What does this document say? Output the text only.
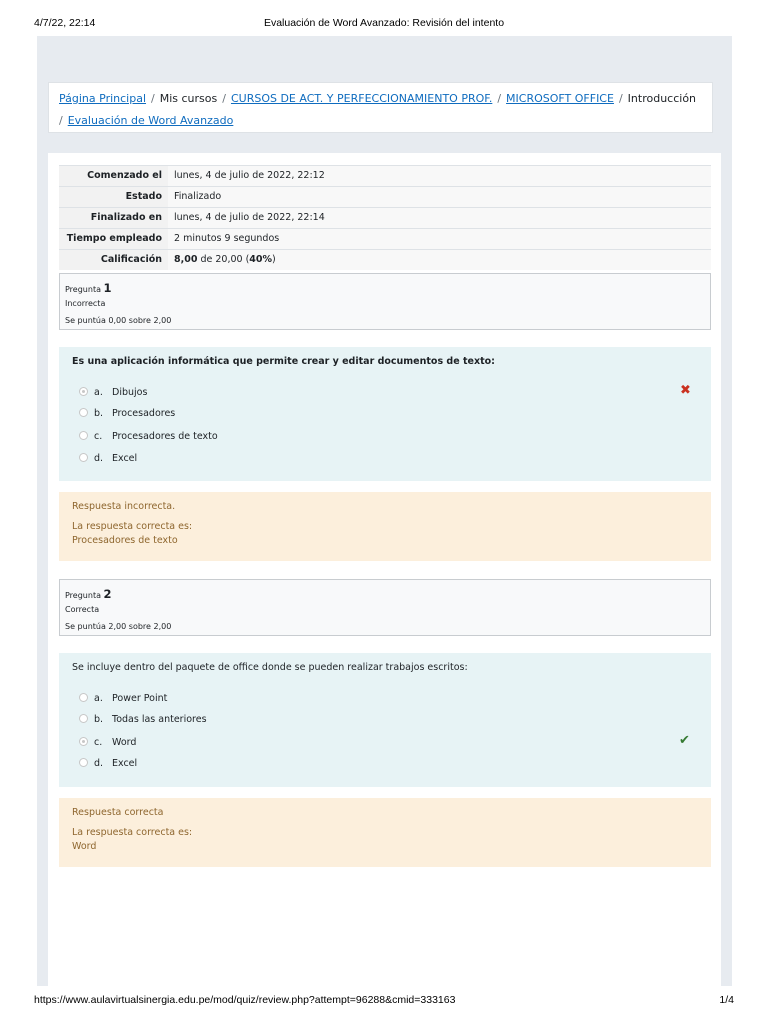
4/7/22, 22:14	Evaluación de Word Avanzado: Revisión del intento
Página Principal / Mis cursos / CURSOS DE ACT. Y PERFECCIONAMIENTO PROF. / MICROSOFT OFFICE / Introducción
/ Evaluación de Word Avanzado
Comenzado el	lunes, 4 de julio de 2022, 22:12
Estado	Finalizado
Finalizado en	lunes, 4 de julio de 2022, 22:14
Tiempo empleado	2 minutos 9 segundos
Calificación	8,00 de 20,00 (40%)
Pregunta 1
Incorrecta
Se puntúa 0,00 sobre 2,00
Es una aplicación informática que permite crear y editar documentos de texto:
a. Dibujos
b. Procesadores
c. Procesadores de texto
d. Excel
✖
Respuesta incorrecta.
La respuesta correcta es:
Procesadores de texto
Pregunta 2
Correcta
Se puntúa 2,00 sobre 2,00
Se incluye dentro del paquete de office donde se pueden realizar trabajos escritos:
a. Power Point
b. Todas las anteriores
c. Word
d. Excel
✔
Respuesta correcta
La respuesta correcta es:
Word
https://www.aulavirtualsinergia.edu.pe/mod/quiz/review.php?attempt=96288&cmid=333163	1/4
